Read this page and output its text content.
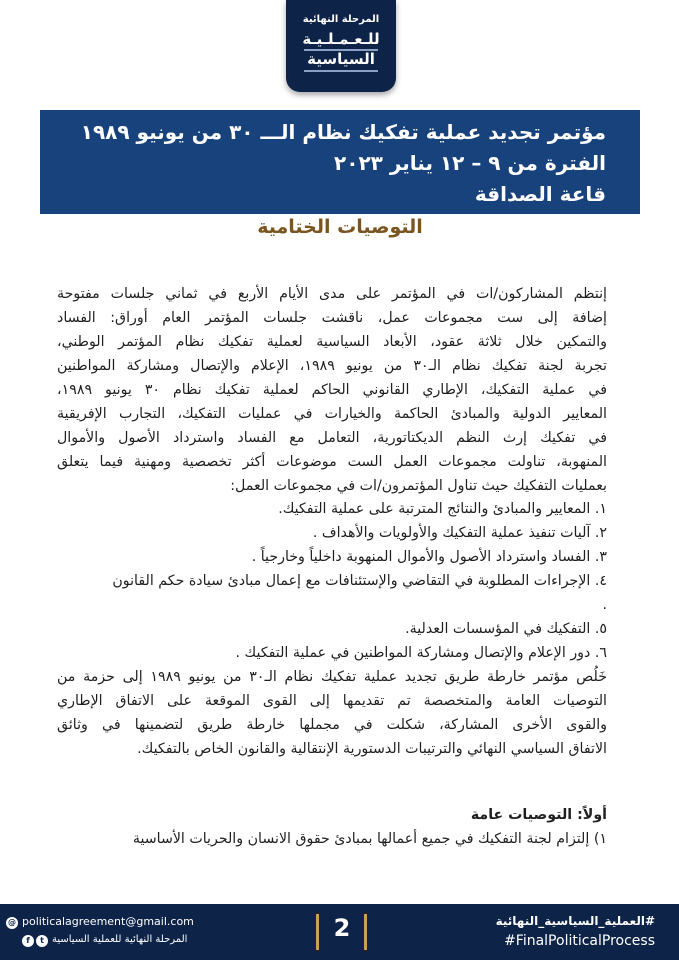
المرحلة النهائية
للـعـمـلـيـة
السياسية
مؤتمر تجديد عملية تفكيك نظام الـــ ٣٠ من يونيو ١٩٨٩
الفترة من ٩ – ١٢ يناير ٢٠٢٣
قاعة الصداقة
التوصيات الختامية
إنتظم المشاركون/ات في المؤتمر على مدى الأيام الأربع في ثماني جلسات مفتوحة
إضافة إلى ست مجموعات عمل، ناقشت جلسات المؤتمر العام أوراق: الفساد
والتمكين خلال ثلاثة عقود، الأبعاد السياسية لعملية تفكيك نظام المؤتمر الوطني،
تجربة لجنة تفكيك نظام الـ٣٠ من يونيو ١٩٨٩، الإعلام والإتصال ومشاركة المواطنين
في عملية التفكيك، الإطاري القانوني الحاكم لعملية تفكيك نظام ٣٠ يونيو ١٩٨٩،
المعايير الدولية والمبادئ الحاكمة والخيارات في عمليات التفكيك، التجارب الإفريقية
في تفكيك إرث النظم الديكتاتورية، التعامل مع الفساد واسترداد الأصول والأموال
المنهوبة، تناولت مجموعات العمل الست موضوعات أكثر تخصصية ومهنية فيما يتعلق
بعمليات التفكيك حيث تناول المؤتمرون/ات في مجموعات العمل:
١. المعايير والمبادئ والنتائج المترتبة على عملية التفكيك.
٢. آليات تنفيذ عملية التفكيك والأولويات والأهداف .
٣. الفساد واسترداد الأصول والأموال المنهوبة داخلياً وخارجياً .
٤. الإجراءات المطلوبة في التقاضي والإستئنافات مع إعمال مبادئ سيادة حكم القانون
.
٥. التفكيك في المؤسسات العدلية.
٦. دور الإعلام والإتصال ومشاركة المواطنين في عملية التفكيك .
خَلُص مؤتمر خارطة طريق تجديد عملية تفكيك نظام الـ٣٠ من يونيو ١٩٨٩ إلى حزمة من
التوصيات العامة والمتخصصة تم تقديمها إلى القوى الموقعة على الاتفاق الإطاري
والقوى الأخرى المشاركة، شكلت في مجملها خارطة طريق لتضمينها في وثائق
الاتفاق السياسي النهائي والترتيبات الدستورية الإنتقالية والقانون الخاص بالتفكيك.
أولاً: التوصيات عامة
١) إلتزام لجنة التفكيك في جميع أعمالها بمبادئ حقوق الانسان والحريات الأساسية
@ politicalagreement@gmail.com
f	t المرحلة النهائية للعملية السياسية	2	#العملية_السياسية_النهائية
#FinalPoliticalProcess
